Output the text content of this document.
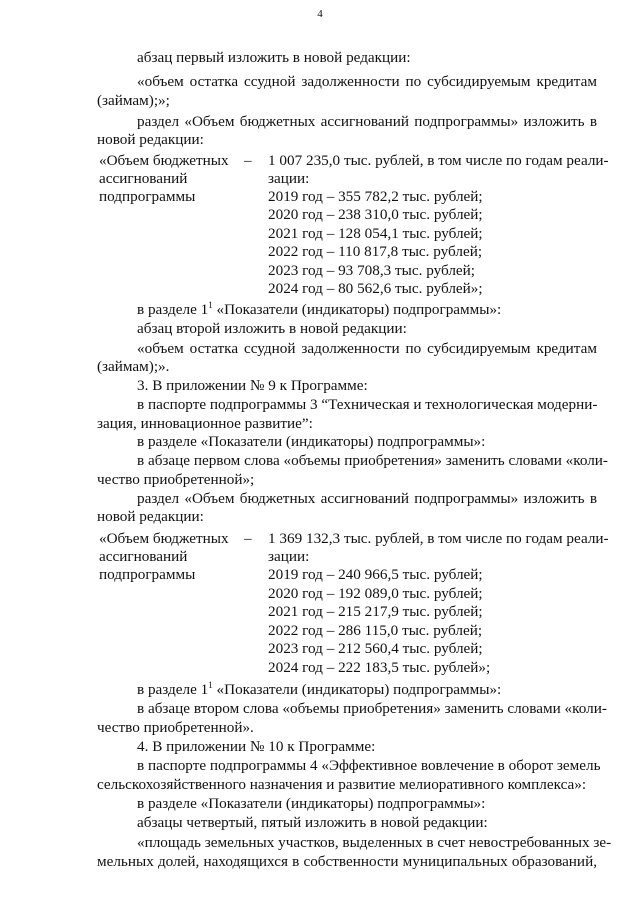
4
абзац первый изложить в новой редакции:
«объем остатка ссудной задолженности по субсидируемым кредитам
(займам);»;
раздел «Объем бюджетных ассигнований подпрограммы» изложить в
новой редакции:
«Объем бюджетных
ассигнований
подпрограммы
– 1 007 235,0 тыс. рублей, в том числе по годам реали-
зации:
2019 год – 355 782,2 тыс. рублей;
2020 год – 238 310,0 тыс. рублей;
2021 год – 128 054,1 тыс. рублей;
2022 год – 110 817,8 тыс. рублей;
2023 год – 93 708,3 тыс. рублей;
2024 год – 80 562,6 тыс. рублей»;
в разделе $1^1$ «Показатели (индикаторы) подпрограммы»:
абзац второй изложить в новой редакции:
«объем остатка ссудной задолженности по субсидируемым кредитам
(займам);».
3. В приложении № 9 к Программе:
в паспорте подпрограммы 3 “Техническая и технологическая модерни-
зация, инновационное развитие”:
в разделе «Показатели (индикаторы) подпрограммы»:
в абзаце первом слова «объемы приобретения» заменить словами «коли-
чество приобретенной»;
раздел «Объем бюджетных ассигнований подпрограммы» изложить в
новой редакции:
«Объем бюджетных
ассигнований
подпрограммы
– 1 369 132,3 тыс. рублей, в том числе по годам реали-
зации:
2019 год – 240 966,5 тыс. рублей;
2020 год – 192 089,0 тыс. рублей;
2021 год – 215 217,9 тыс. рублей;
2022 год – 286 115,0 тыс. рублей;
2023 год – 212 560,4 тыс. рублей;
2024 год – 222 183,5 тыс. рублей»;
в разделе $1^1$ «Показатели (индикаторы) подпрограммы»:
в абзаце втором слова «объемы приобретения» заменить словами «коли-
чество приобретенной».
4. В приложении № 10 к Программе:
в паспорте подпрограммы 4 «Эффективное вовлечение в оборот земель
сельскохозяйственного назначения и развитие мелиоративного комплекса»:
в разделе «Показатели (индикаторы) подпрограммы»:
абзацы четвертый, пятый изложить в новой редакции:
«площадь земельных участков, выделенных в счет невостребованных зе-
мельных долей, находящихся в собственности муниципальных образований,
